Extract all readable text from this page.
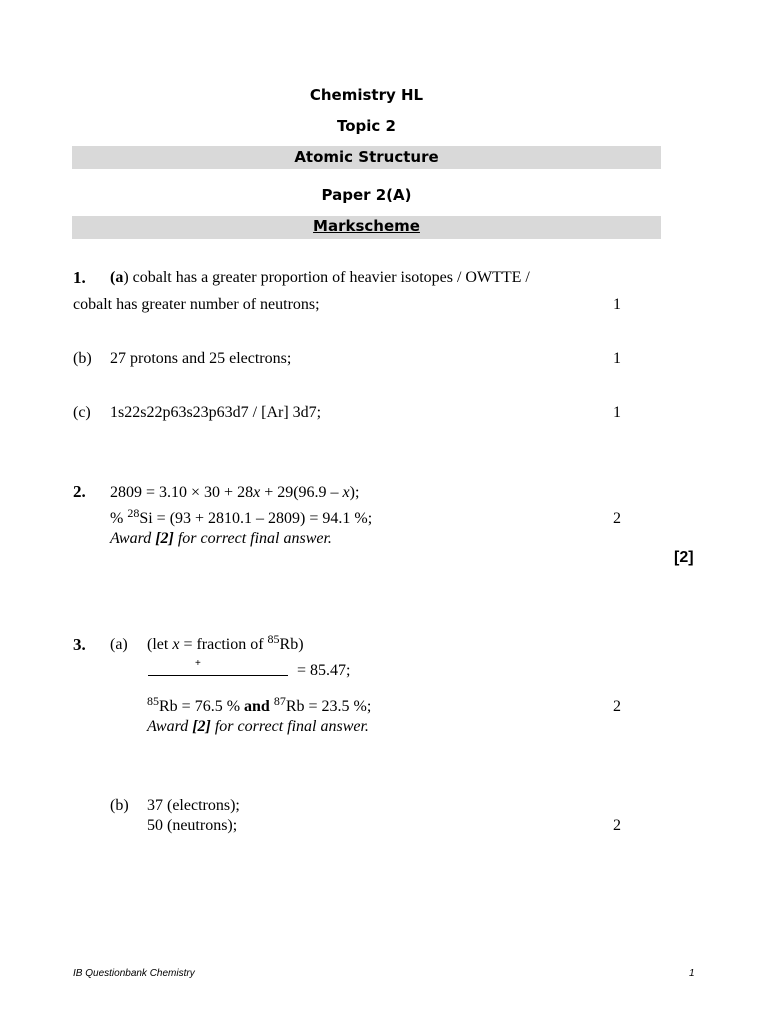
Chemistry HL
Topic 2
Atomic Structure
Paper 2(A)
Markscheme
1. (a) cobalt has a greater proportion of heavier isotopes / OWTTE /
cobalt has greater number of neutrons;	1
(b) 27 protons and 25 electrons;	1
(c) 1s22s22p63s23p63d7 / [Ar] 3d7;	1
2. 2809 = 3.10 × 30 + 28x + 29(96.9 – x);
% $^{28}$Si = (93 + 2810.1 – 2809) = 94.1 %;	2
Award [2] for correct final answer.
[2]
3. (a) (let x = fraction of $^{85}$Rb)
+	= 85.47;
$^{85}$Rb = 76.5 % and $^{87}$Rb = 23.5 %;	2
Award [2] for correct final answer.
(b) 37 (electrons);
50 (neutrons);	2
IB Questionbank Chemistry	1
